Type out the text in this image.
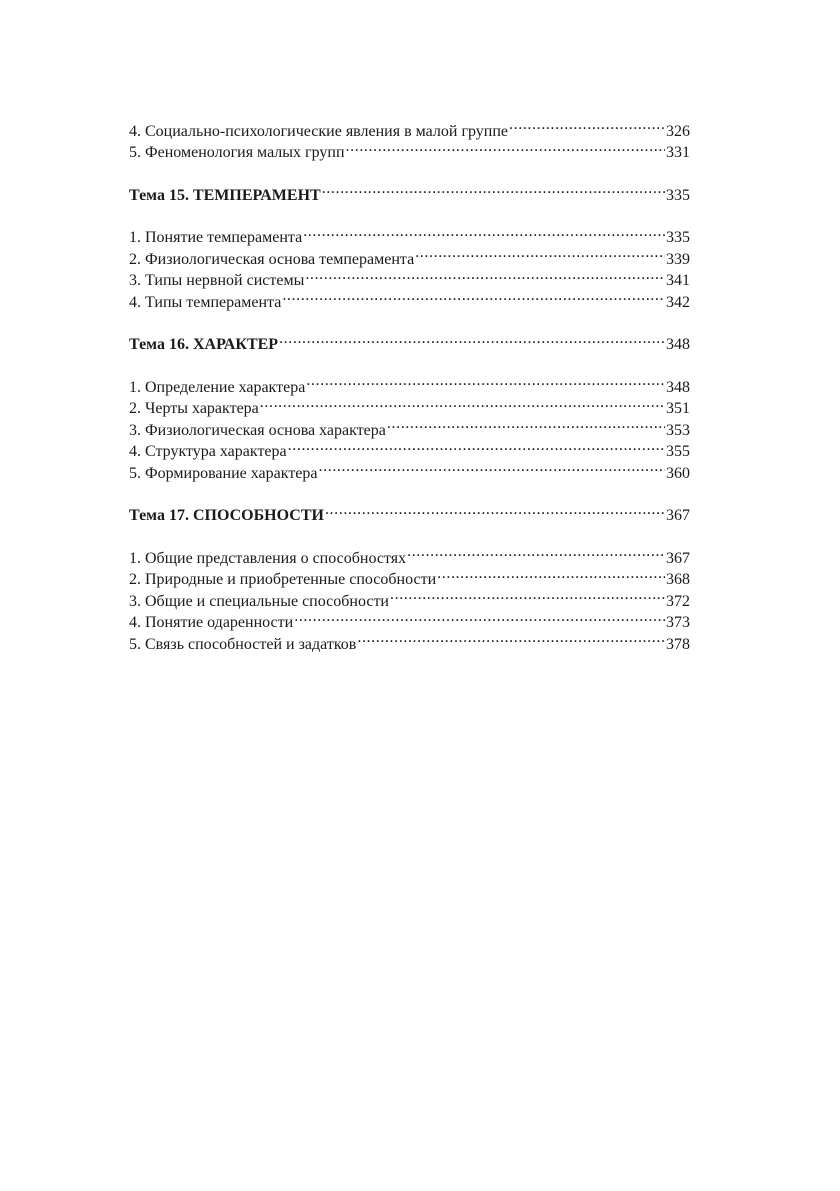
4. Социально-психологические явления в малой группе .....	326
5. Феноменология малых групп .....	331
Тема 15. ТЕМПЕРАМЕНТ .....	335
1. Понятие темперамента .....	335
2. Физиологическая основа темперамента .....	339
3. Типы нервной системы .....	341
4. Типы темперамента .....	342
Тема 16. ХАРАКТЕР .....	348
1. Определение характера .....	348
2. Черты характера .....	351
3. Физиологическая основа характера .....	353
4. Структура характера .....	355
5. Формирование характера .....	360
Тема 17. СПОСОБНОСТИ .....	367
1. Общие представления о способностях .....	367
2. Природные и приобретенные способности .....	368
3. Общие и специальные способности .....	372
4. Понятие одаренности .....	373
5. Связь способностей и задатков .....	378
